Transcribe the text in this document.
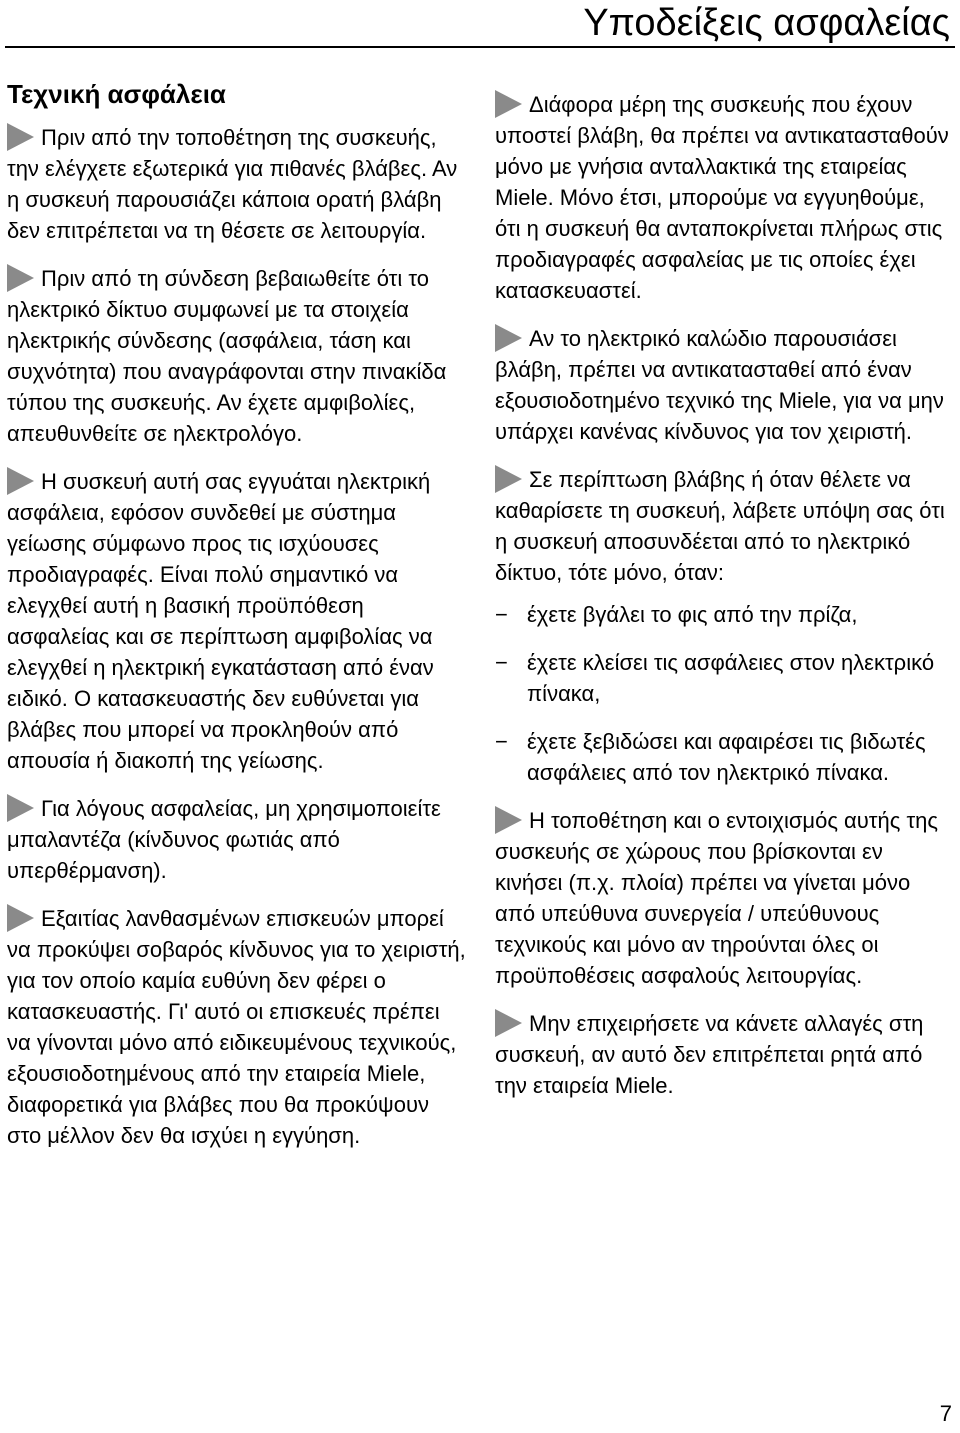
Υποδείξεις ασφαλείας
Τεχνική ασφάλεια

Πριν από την τοποθέτηση της συσκευής, την ελέγχετε εξωτερικά για πιθανές βλάβες. Αν η συσκευή παρουσιάζει κάποια ορατή βλάβη δεν επιτρέπεται να τη θέσετε σε λειτουργία.

Πριν από τη σύνδεση βεβαιωθείτε ότι το ηλεκτρικό δίκτυο συμφωνεί με τα στοιχεία ηλεκτρικής σύνδεσης (ασφάλεια, τάση και συχνότητα) που αναγράφονται στην πινακίδα τύπου της συσκευής. Αν έχετε αμφιβολίες, απευθυνθείτε σε ηλεκτρολόγο.

Η συσκευή αυτή σας εγγυάται ηλεκτρική ασφάλεια, εφόσον συνδεθεί με σύστημα γείωσης σύμφωνο προς τις ισχύουσες προδιαγραφές. Είναι πολύ σημαντικό να ελεγχθεί αυτή η βασική προϋπόθεση ασφαλείας και σε περίπτωση αμφιβολίας να ελεγχθεί η ηλεκτρική εγκατάσταση από έναν ειδικό. Ο κατασκευαστής δεν ευθύνεται για βλάβες που μπορεί να προκληθούν από απουσία ή διακοπή της γείωσης.

Για λόγους ασφαλείας, μη χρησιμοποιείτε μπαλαντέζα (κίνδυνος φωτιάς από υπερθέρμανση).

Εξαιτίας λανθασμένων επισκευών μπορεί να προκύψει σοβαρός κίνδυνος για το χειριστή, για τον οποίο καμία ευθύνη δεν φέρει ο κατασκευαστής. Γι' αυτό οι επισκευές πρέπει να γίνονται μόνο από ειδικευμένους τεχνικούς, εξουσιοδοτημένους από την εταιρεία Miele, διαφορετικά για βλάβες που θα προκύψουν στο μέλλον δεν θα ισχύει η εγγύηση.

Διάφορα μέρη της συσκευής που έχουν υποστεί βλάβη, θα πρέπει να αντικατασταθούν μόνο με γνήσια ανταλλακτικά της εταιρείας Miele. Μόνο έτσι, μπορούμε να εγγυηθούμε, ότι η συσκευή θα ανταποκρίνεται πλήρως στις προδιαγραφές ασφαλείας με τις οποίες έχει κατασκευαστεί.

Αν το ηλεκτρικό καλώδιο παρουσιάσει βλάβη, πρέπει να αντικατασταθεί από έναν εξουσιοδοτημένο τεχνικό της Miele, για να μην υπάρχει κανένας κίνδυνος για τον χειριστή.

Σε περίπτωση βλάβης ή όταν θέλετε να καθαρίσετε τη συσκευή, λάβετε υπόψη σας ότι η συσκευή αποσυνδέεται από το ηλεκτρικό δίκτυο, τότε μόνο, όταν:

− έχετε βγάλει το φις από την πρίζα,
− έχετε κλείσει τις ασφάλειες στον ηλεκτρικό πίνακα,
− έχετε ξεβιδώσει και αφαιρέσει τις βιδωτές ασφάλειες από τον ηλεκτρικό πίνακα.

Η τοποθέτηση και ο εντοιχισμός αυτής της συσκευής σε χώρους που βρίσκονται εν κινήσει (π.χ. πλοία) πρέπει να γίνεται μόνο από υπεύθυνα συνεργεία / υπεύθυνους τεχνικούς και μόνο αν τηρούνται όλες οι προϋποθέσεις ασφαλούς λειτουργίας.

Μην επιχειρήσετε να κάνετε αλλαγές στη συσκευή, αν αυτό δεν επιτρέπεται ρητά από την εταιρεία Miele.

7
